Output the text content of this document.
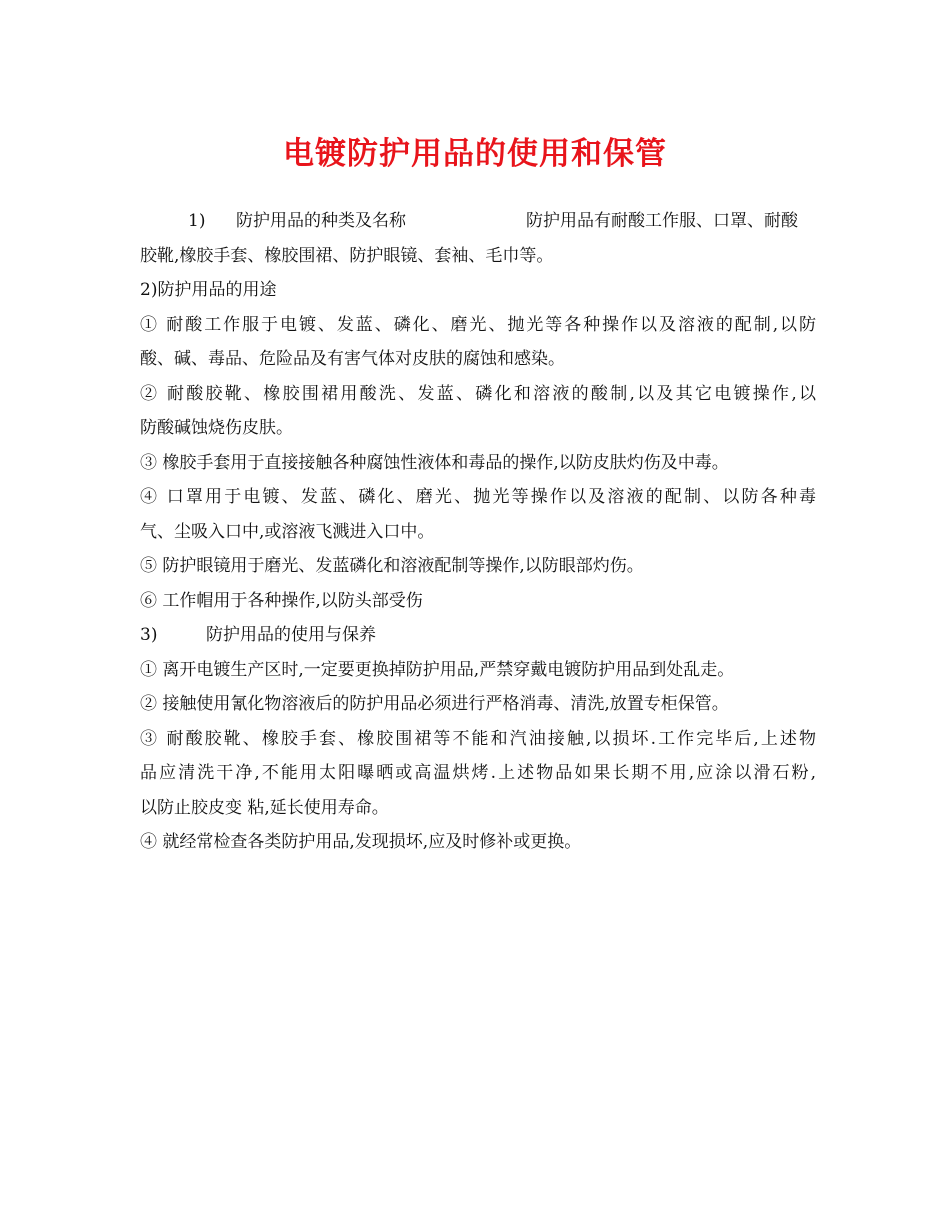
电镀防护用品的使用和保管
1) 防护用品的种类及名称	防护用品有耐酸工作服、口罩、耐酸
胶靴,橡胶手套、橡胶围裙、防护眼镜、套袖、毛巾等。
2)防护用品的用途
① 耐酸工作服于电镀、发蓝、磷化、磨光、抛光等各种操作以及溶液的配制,以防
酸、碱、毒品、危险品及有害气体对皮肤的腐蚀和感染。
② 耐酸胶靴、橡胶围裙用酸洗、发蓝、磷化和溶液的酸制,以及其它电镀操作,以
防酸碱蚀烧伤皮肤。
③ 橡胶手套用于直接接触各种腐蚀性液体和毒品的操作,以防皮肤灼伤及中毒。
④ 口罩用于电镀、发蓝、磷化、磨光、抛光等操作以及溶液的配制、以防各种毒
气、尘吸入口中,或溶液飞溅进入口中。
⑤ 防护眼镜用于磨光、发蓝磷化和溶液配制等操作,以防眼部灼伤。
⑥ 工作帽用于各种操作,以防头部受伤
3)	防护用品的使用与保养
① 离开电镀生产区时,一定要更换掉防护用品,严禁穿戴电镀防护用品到处乱走。
② 接触使用氰化物溶液后的防护用品必须进行严格消毒、清洗,放置专柜保管。
③ 耐酸胶靴、橡胶手套、橡胶围裙等不能和汽油接触,以损坏.工作完毕后,上述物
品应清洗干净,不能用太阳曝晒或高温烘烤.上述物品如果长期不用,应涂以滑石粉,
以防止胶皮变 粘,延长使用寿命。
④ 就经常检查各类防护用品,发现损坏,应及时修补或更换。
